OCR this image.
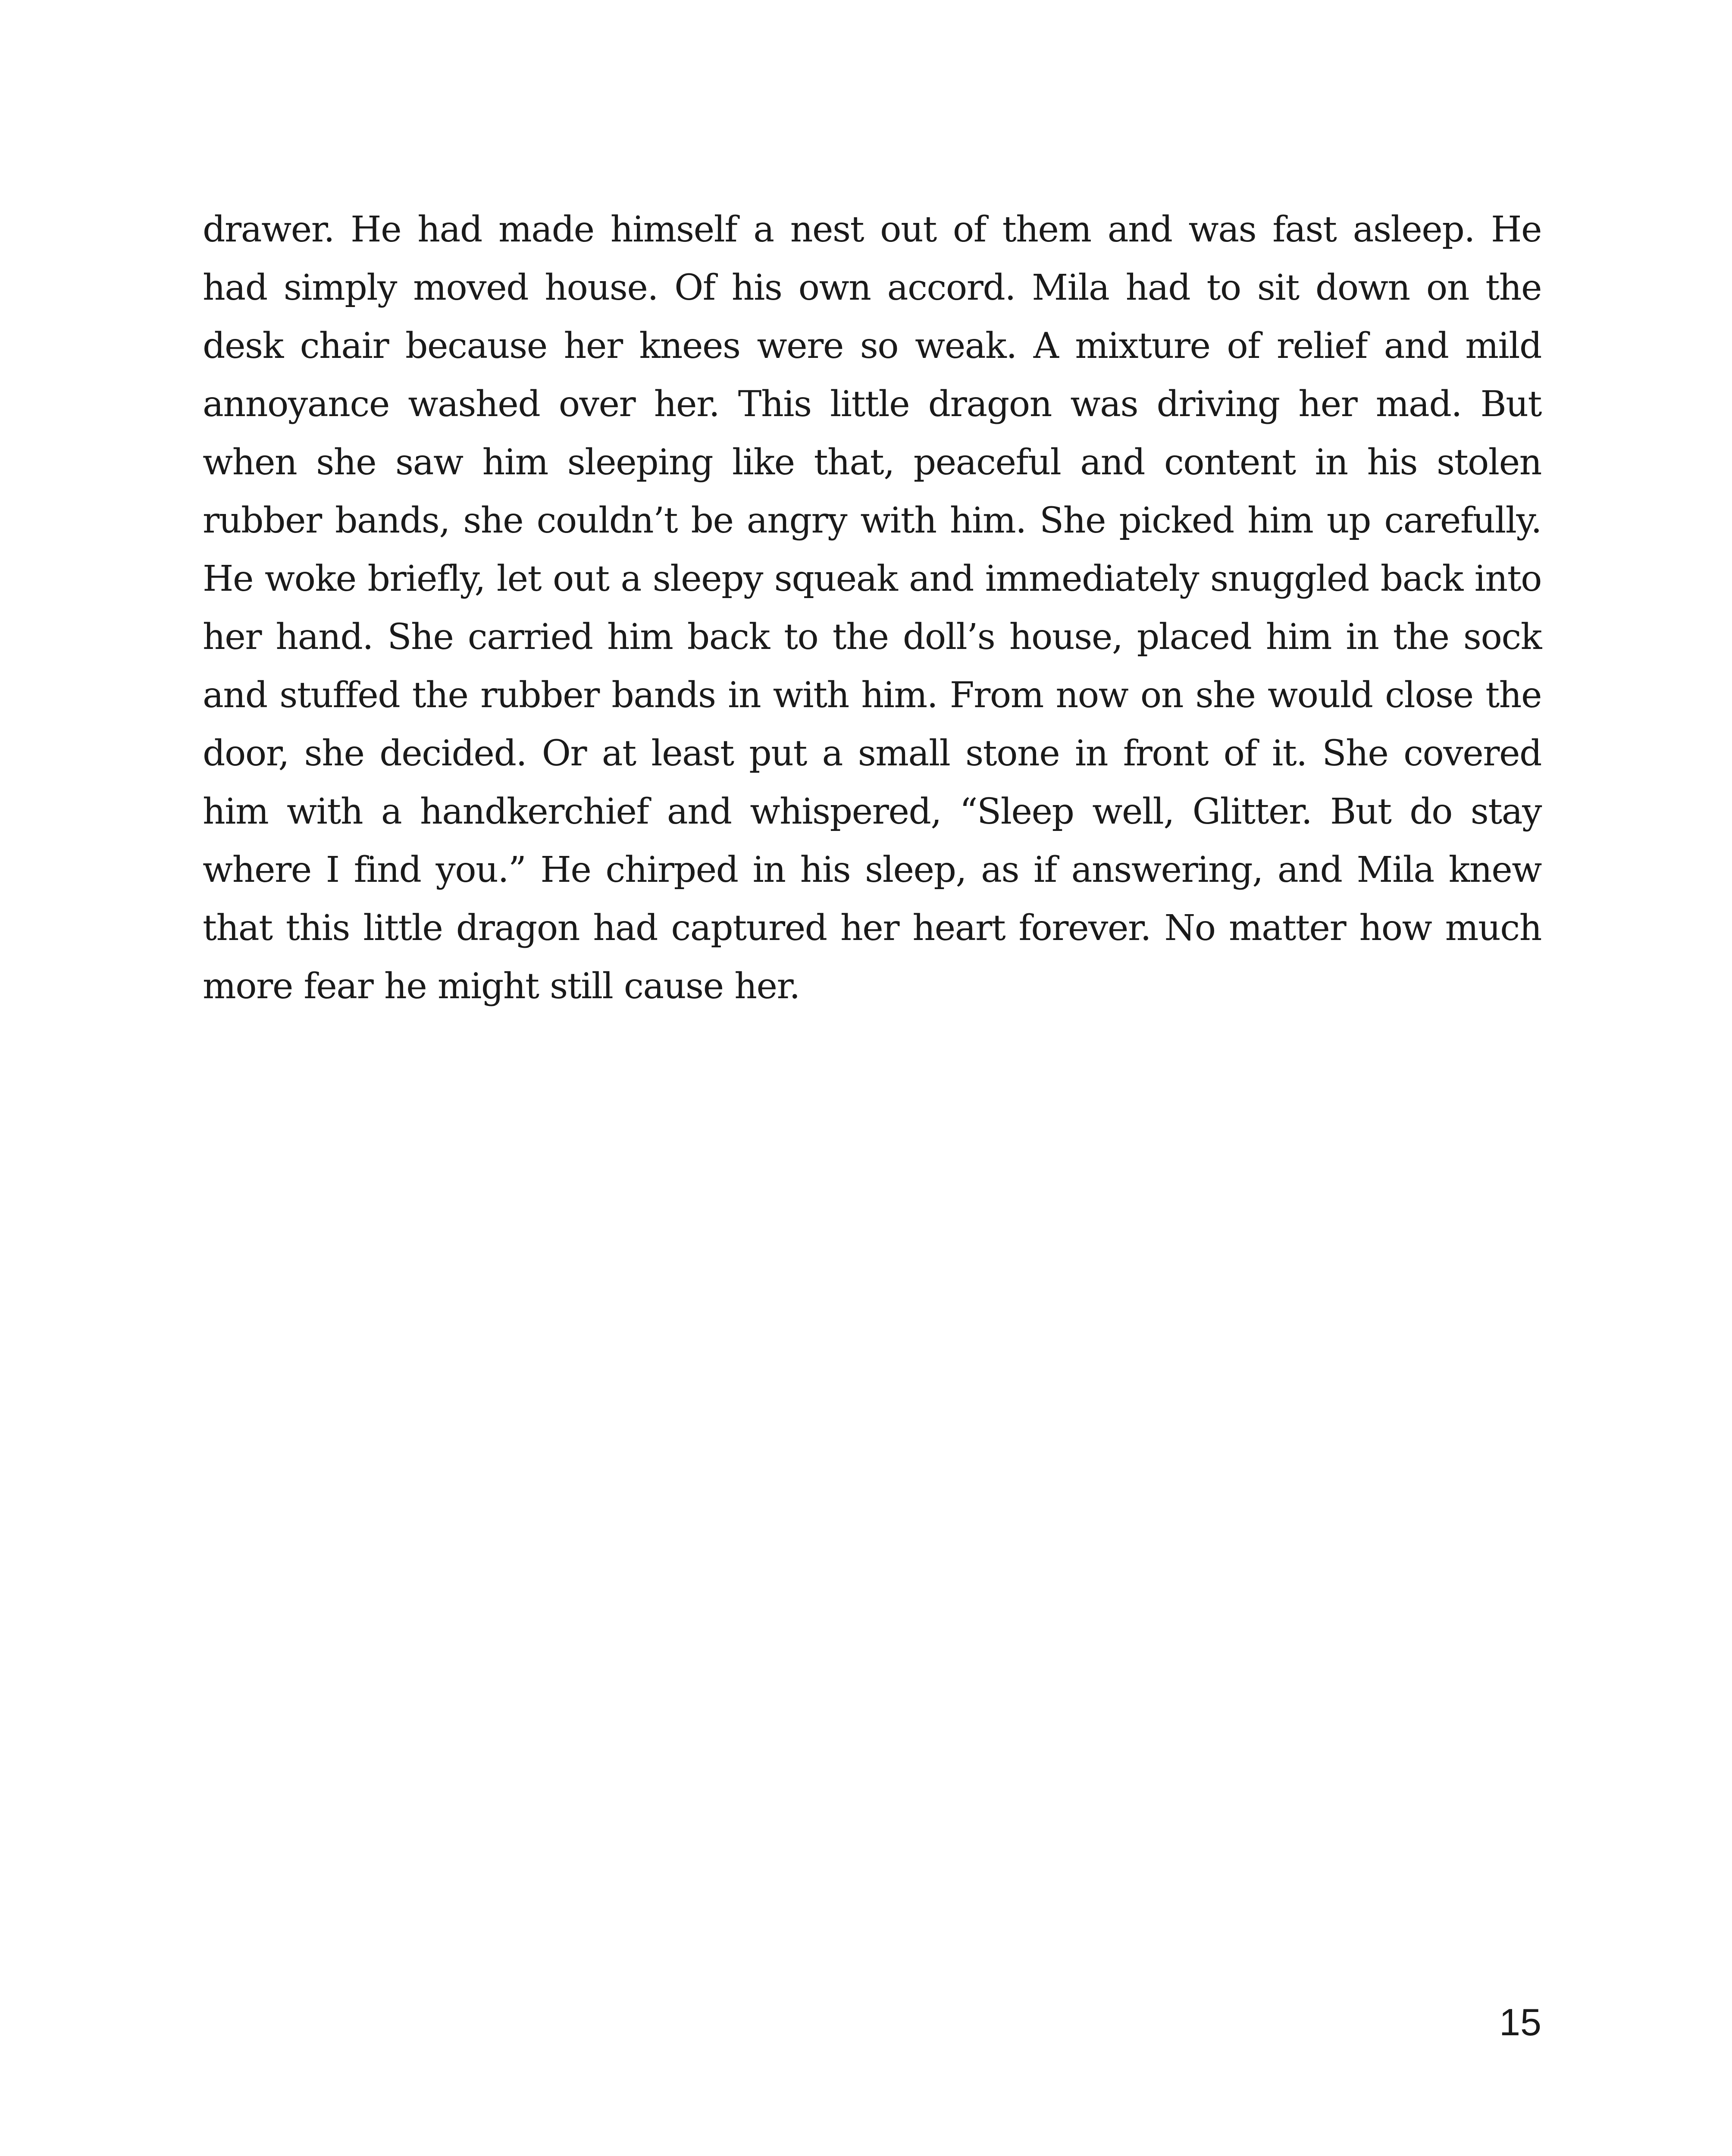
drawer. He had made himself a nest out of them and was fast asleep. He had simply moved house. Of his own accord. Mila had to sit down on the desk chair because her knees were so weak. A mixture of relief and mild annoyance washed over her. This little dragon was driving her mad. But when she saw him sleeping like that, peaceful and content in his stolen rubber bands, she couldn’t be angry with him. She picked him up carefully. He woke briefly, let out a sleepy squeak and immediately snuggled back into her hand. She carried him back to the doll’s house, placed him in the sock and stuffed the rubber bands in with him. From now on she would close the door, she decided. Or at least put a small stone in front of it. She covered him with a handkerchief and whispered, “Sleep well, Glitter. But do stay where I find you.” He chirped in his sleep, as if answering, and Mila knew that this little dragon had captured her heart forever. No matter how much more fear he might still cause her.

15
